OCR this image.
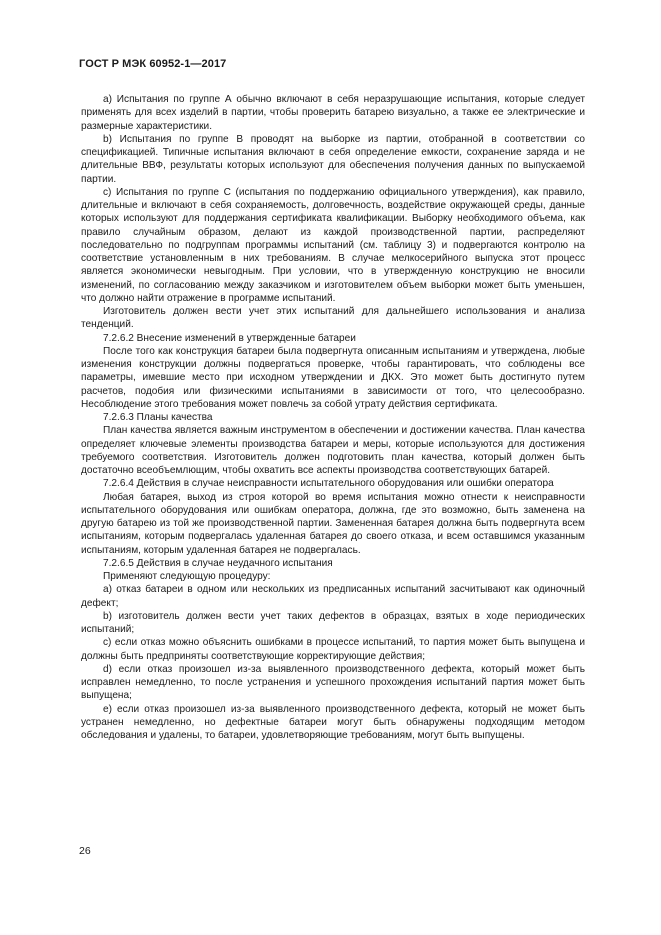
ГОСТ Р МЭК 60952-1—2017

а) Испытания по группе А обычно включают в себя неразрушающие испытания, которые следует применять для всех изделий в партии, чтобы проверить батарею визуально, а также ее электрические и размерные характеристики.

b) Испытания по группе В проводят на выборке из партии, отобранной в соответствии со спецификацией. Типичные испытания включают в себя определение емкости, сохранение заряда и не длительные ВВФ, результаты которых используют для обеспечения получения данных по выпускаемой партии.

с) Испытания по группе С (испытания по поддержанию официального утверждения), как правило, длительные и включают в себя сохраняемость, долговечность, воздействие окружающей среды, данные которых используют для поддержания сертификата квалификации. Выборку необходимого объема, как правило случайным образом, делают из каждой производственной партии, распределяют последовательно по подгруппам программы испытаний (см. таблицу 3) и подвергаются контролю на соответствие установленным в них требованиям. В случае мелкосерийного выпуска этот процесс является экономически невыгодным. При условии, что в утвержденную конструкцию не вносили изменений, по согласованию между заказчиком и изготовителем объем выборки может быть уменьшен, что должно найти отражение в программе испытаний.

Изготовитель должен вести учет этих испытаний для дальнейшего использования и анализа тенденций.

7.2.6.2 Внесение изменений в утвержденные батареи

После того как конструкция батареи была подвергнута описанным испытаниям и утверждена, любые изменения конструкции должны подвергаться проверке, чтобы гарантировать, что соблюдены все параметры, имевшие место при исходном утверждении и ДКХ. Это может быть достигнуто путем расчетов, подобия или физическими испытаниями в зависимости от того, что целесообразно. Несоблюдение этого требования может повлечь за собой утрату действия сертификата.

7.2.6.3 Планы качества

План качества является важным инструментом в обеспечении и достижении качества. План качества определяет ключевые элементы производства батареи и меры, которые используются для достижения требуемого соответствия. Изготовитель должен подготовить план качества, который должен быть достаточно всеобъемлющим, чтобы охватить все аспекты производства соответствующих батарей.

7.2.6.4 Действия в случае неисправности испытательного оборудования или ошибки оператора

Любая батарея, выход из строя которой во время испытания можно отнести к неисправности испытательного оборудования или ошибкам оператора, должна, где это возможно, быть заменена на другую батарею из той же производственной партии. Замененная батарея должна быть подвергнута всем испытаниям, которым подвергалась удаленная батарея до своего отказа, и всем оставшимся указанным испытаниям, которым удаленная батарея не подвергалась.

7.2.6.5 Действия в случае неудачного испытания

Применяют следующую процедуру:

а) отказ батареи в одном или нескольких из предписанных испытаний засчитывают как одиночный дефект;

b) изготовитель должен вести учет таких дефектов в образцах, взятых в ходе периодических испытаний;

с) если отказ можно объяснить ошибками в процессе испытаний, то партия может быть выпущена и должны быть предприняты соответствующие корректирующие действия;

d) если отказ произошел из-за выявленного производственного дефекта, который может быть исправлен немедленно, то после устранения и успешного прохождения испытаний партия может быть выпущена;

е) если отказ произошел из-за выявленного производственного дефекта, который не может быть устранен немедленно, но дефектные батареи могут быть обнаружены подходящим методом обследования и удалены, то батареи, удовлетворяющие требованиям, могут быть выпущены.

26
